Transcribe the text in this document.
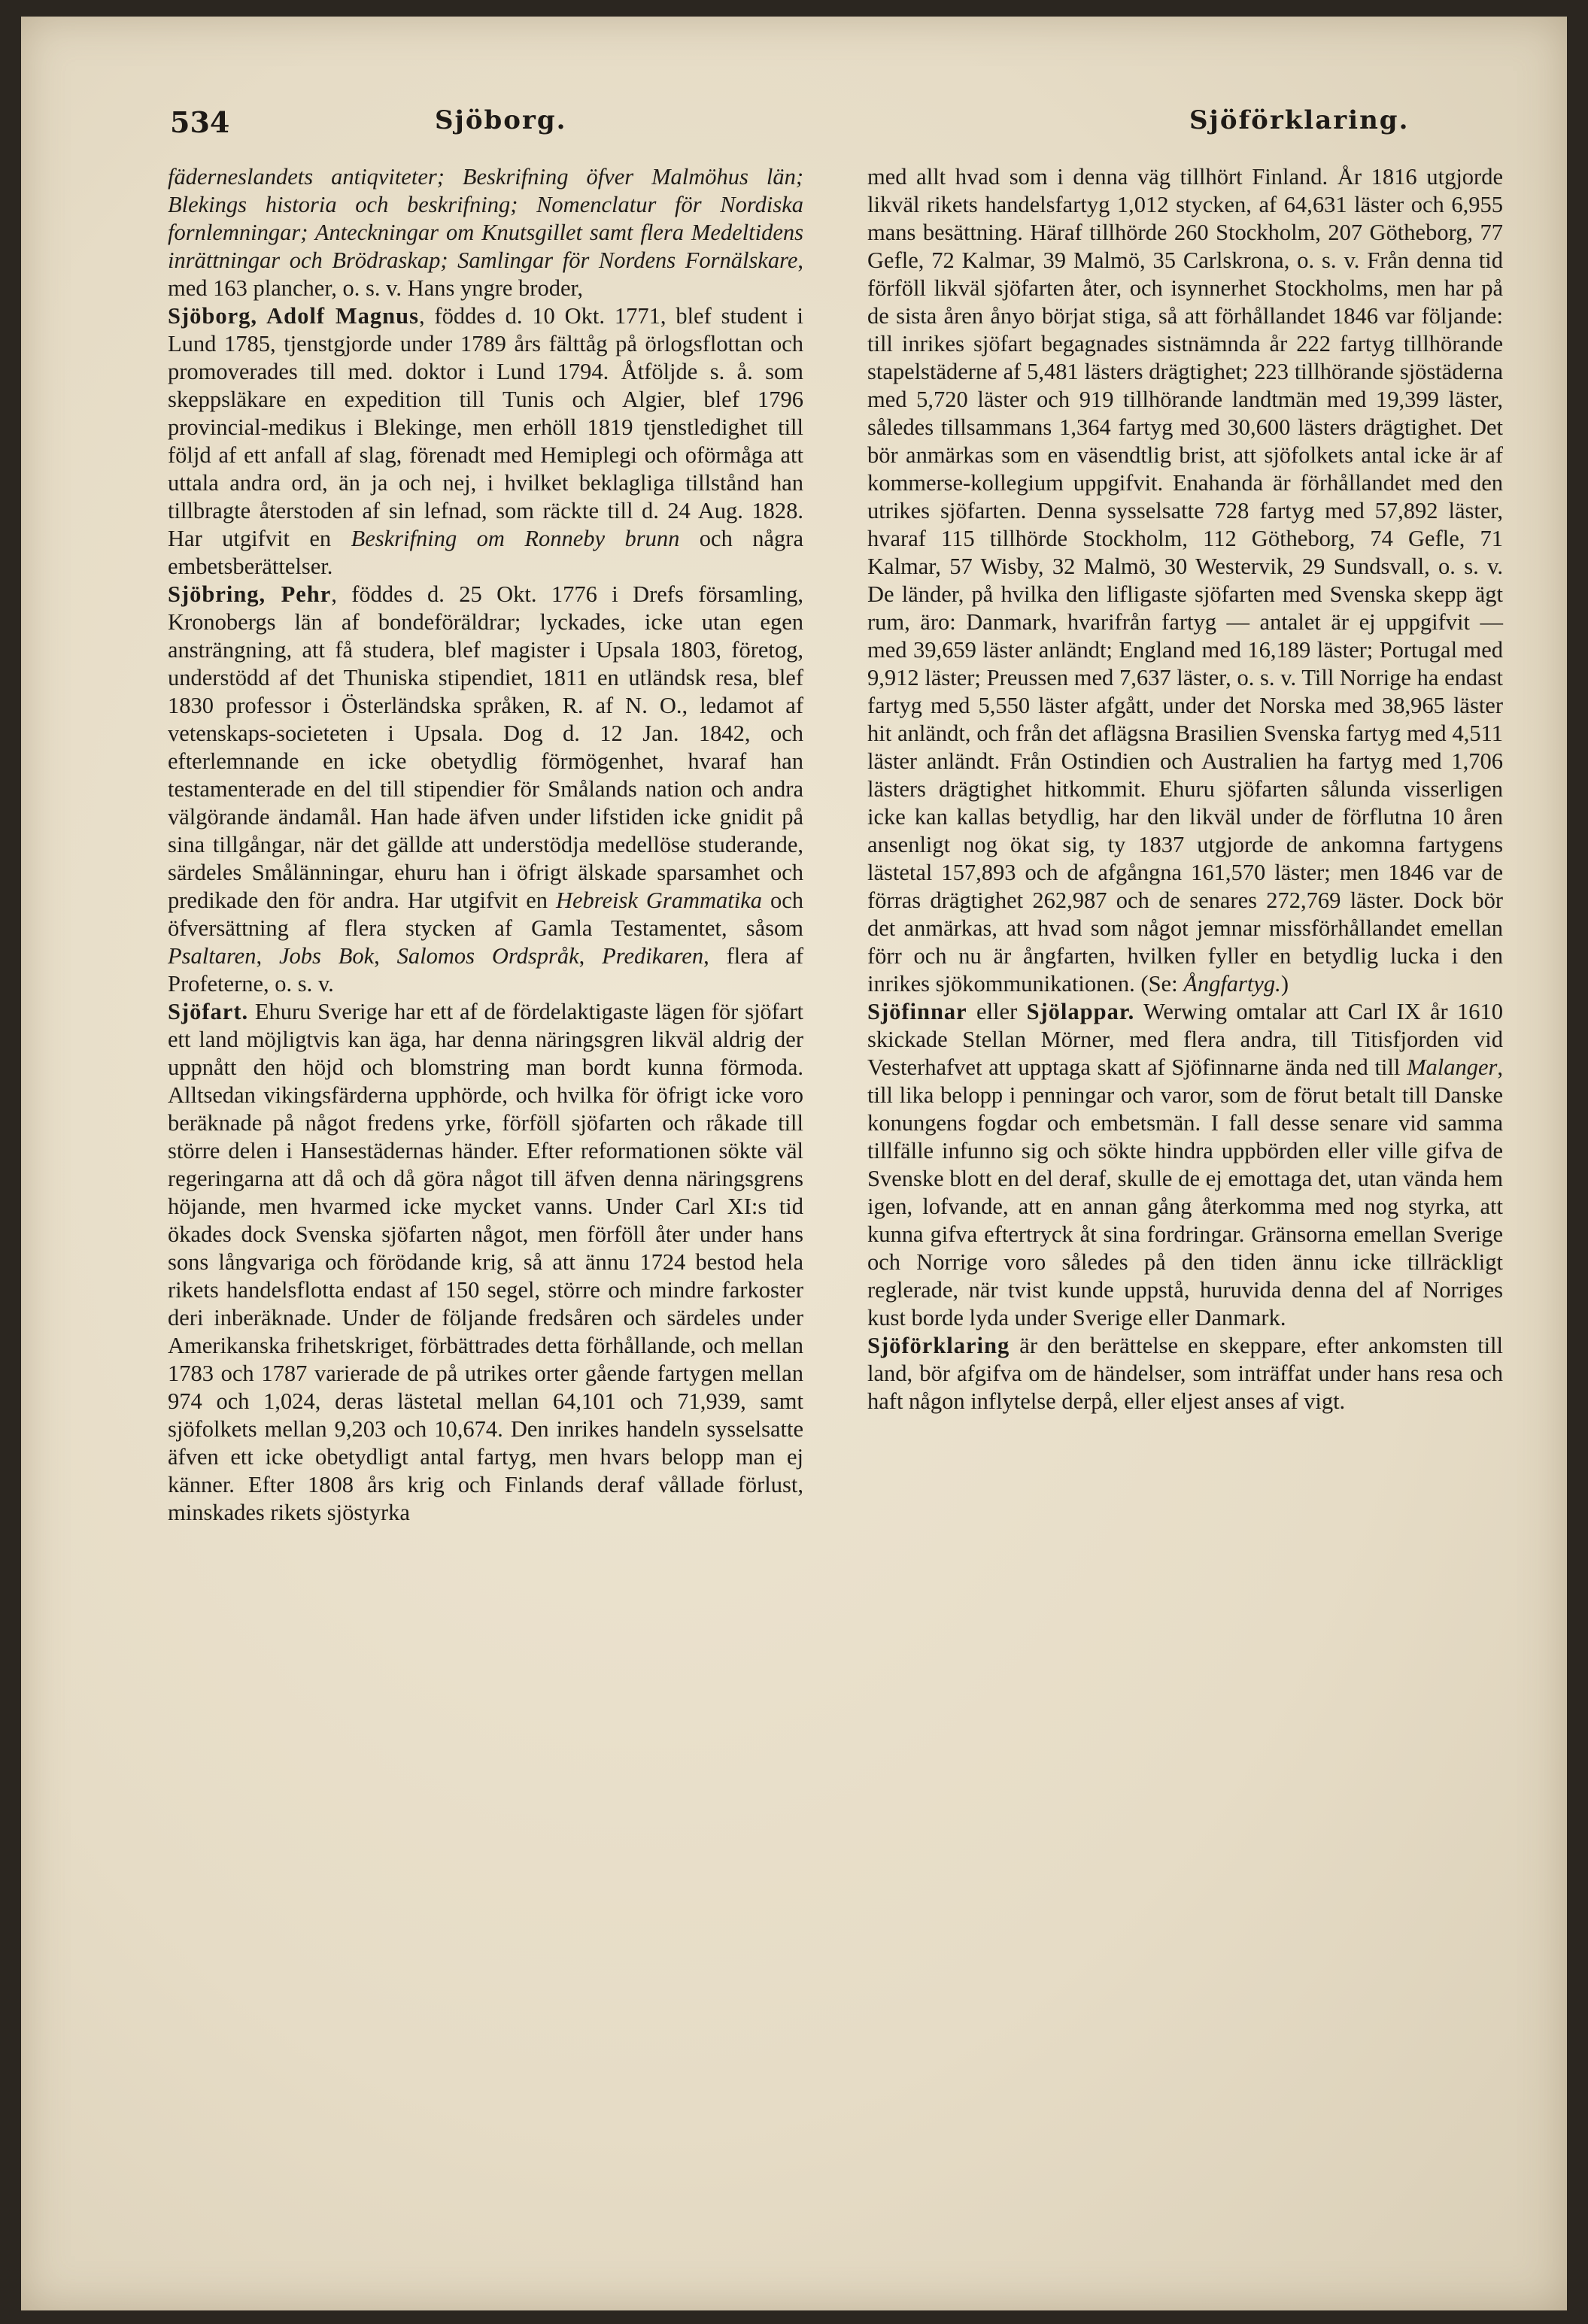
534	Sjöborg.	Sjöförklaring.

fäderneslandets antiqviteter; Beskrifning öfver Malmöhus län; Blekings historia och beskrifning; Nomenclatur för Nordiska fornlemningar; Anteckningar om Knutsgillet samt flera Medeltidens inrättningar och Brödraskap; Samlingar för Nordens Fornälskare, med 163 plancher, o. s. v. Hans yngre broder,

Sjöborg, Adolf Magnus, föddes d. 10 Okt. 1771, blef student i Lund 1785, tjenstgjorde under 1789 års fälttåg på örlogsflottan och promoverades till med. doktor i Lund 1794. Åtföljde s. å. som skeppsläkare en expedition till Tunis och Algier, blef 1796 provincial-medikus i Blekinge, men erhöll 1819 tjenstledighet till följd af ett anfall af slag, förenadt med Hemiplegi och oförmåga att uttala andra ord, än ja och nej, i hvilket beklagliga tillstånd han tillbragte återstoden af sin lefnad, som räckte till d. 24 Aug. 1828. Har utgifvit en Beskrifning om Ronneby brunn och några embetsberättelser.

Sjöbring, Pehr, föddes d. 25 Okt. 1776 i Drefs församling, Kronobergs län af bondeföräldrar; lyckades, icke utan egen ansträngning, att få studera, blef magister i Upsala 1803, företog, understödd af det Thuniska stipendiet, 1811 en utländsk resa, blef 1830 professor i Österländska språken, R. af N. O., ledamot af vetenskaps-societeten i Upsala. Dog d. 12 Jan. 1842, och efterlemnande en icke obetydlig förmögenhet, hvaraf han testamenterade en del till stipendier för Smålands nation och andra välgörande ändamål. Han hade äfven under lifstiden icke gnidit på sina tillgångar, när det gällde att understödja medellöse studerande, särdeles Smålänningar, ehuru han i öfrigt älskade sparsamhet och predikade den för andra. Har utgifvit en Hebreisk Grammatika och öfversättning af flera stycken af Gamla Testamentet, såsom Psaltaren, Jobs Bok, Salomos Ordspråk, Predikaren, flera af Profeterne, o. s. v.

Sjöfart. Ehuru Sverige har ett af de fördelaktigaste lägen för sjöfart ett land möjligtvis kan äga, har denna näringsgren likväl aldrig der uppnått den höjd och blomstring man bordt kunna förmoda. Alltsedan vikingsfärderna upphörde, och hvilka för öfrigt icke voro beräknade på något fredens yrke, förföll sjöfarten och råkade till större delen i Hansestädernas händer. Efter reformationen sökte väl regeringarna att då och då göra något till äfven denna näringsgrens höjande, men hvarmed icke mycket vanns. Under Carl XI:s tid ökades dock Svenska sjöfarten något, men förföll åter under hans sons långvariga och förödande krig, så att ännu 1724 bestod hela rikets handelsflotta endast af 150 segel, större och mindre farkoster deri inberäknade. Under de följande fredsåren och särdeles under Amerikanska frihetskriget, förbättrades detta förhållande, och mellan 1783 och 1787 varierade de på utrikes orter gående fartygen mellan 974 och 1,024, deras lästetal mellan 64,101 och 71,939, samt sjöfolkets mellan 9,203 och 10,674. Den inrikes handeln sysselsatte äfven ett icke obetydligt antal fartyg, men hvars belopp man ej känner. Efter 1808 års krig och Finlands deraf vållade förlust, minskades rikets sjöstyrka

med allt hvad som i denna väg tillhört Finland. År 1816 utgjorde likväl rikets handelsfartyg 1,012 stycken, af 64,631 läster och 6,955 mans besättning. Häraf tillhörde 260 Stockholm, 207 Götheborg, 77 Gefle, 72 Kalmar, 39 Malmö, 35 Carlskrona, o. s. v. Från denna tid förföll likväl sjöfarten åter, och isynnerhet Stockholms, men har på de sista åren ånyo börjat stiga, så att förhållandet 1846 var följande: till inrikes sjöfart begagnades sistnämnda år 222 fartyg tillhörande stapelstäderne af 5,481 lästers drägtighet; 223 tillhörande sjöstäderna med 5,720 läster och 919 tillhörande landtmän med 19,399 läster, således tillsammans 1,364 fartyg med 30,600 lästers drägtighet. Det bör anmärkas som en väsendtlig brist, att sjöfolkets antal icke är af kommerse-kollegium uppgifvit. Enahanda är förhållandet med den utrikes sjöfarten. Denna sysselsatte 728 fartyg med 57,892 läster, hvaraf 115 tillhörde Stockholm, 112 Götheborg, 74 Gefle, 71 Kalmar, 57 Wisby, 32 Malmö, 30 Westervik, 29 Sundsvall, o. s. v. De länder, på hvilka den lifligaste sjöfarten med Svenska skepp ägt rum, äro: Danmark, hvarifrån fartyg — antalet är ej uppgifvit — med 39,659 läster anländt; England med 16,189 läster; Portugal med 9,912 läster; Preussen med 7,637 läster, o. s. v. Till Norrige ha endast fartyg med 5,550 läster afgått, under det Norska med 38,965 läster hit anländt, och från det aflägsna Brasilien Svenska fartyg med 4,511 läster anländt. Från Ostindien och Australien ha fartyg med 1,706 lästers drägtighet hitkommit. Ehuru sjöfarten sålunda visserligen icke kan kallas betydlig, har den likväl under de förflutna 10 åren ansenligt nog ökat sig, ty 1837 utgjorde de ankomna fartygens lästetal 157,893 och de afgångna 161,570 läster; men 1846 var de förras drägtighet 262,987 och de senares 272,769 läster. Dock bör det anmärkas, att hvad som något jemnar missförhållandet emellan förr och nu är ångfarten, hvilken fyller en betydlig lucka i den inrikes sjökommunikationen. (Se: Ångfartyg.)

Sjöfinnar eller Sjölappar. Werwing omtalar att Carl IX år 1610 skickade Stellan Mörner, med flera andra, till Titisfjorden vid Vesterhafvet att upptaga skatt af Sjöfinnarne ända ned till Malanger, till lika belopp i penningar och varor, som de förut betalt till Danske konungens fogdar och embetsmän. I fall desse senare vid samma tillfälle infunno sig och sökte hindra uppbörden eller ville gifva de Svenske blott en del deraf, skulle de ej emottaga det, utan vända hem igen, lofvande, att en annan gång återkomma med nog styrka, att kunna gifva eftertryck åt sina fordringar. Gränsorna emellan Sverige och Norrige voro således på den tiden ännu icke tillräckligt reglerade, när tvist kunde uppstå, huruvida denna del af Norriges kust borde lyda under Sverige eller Danmark.

Sjöförklaring är den berättelse en skeppare, efter ankomsten till land, bör afgifva om de händelser, som inträffat under hans resa och haft någon inflytelse derpå, eller eljest anses af vigt.
